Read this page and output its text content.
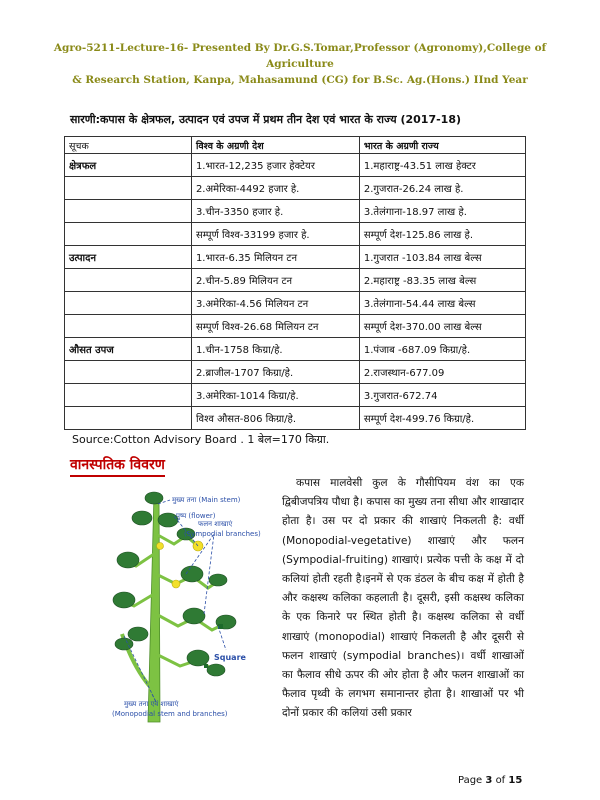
Agro-5211-Lecture-16- Presented By Dr.G.S.Tomar,Professor (Agronomy),College of Agriculture
& Research Station, Kanpa, Mahasamund (CG) for B.Sc. Ag.(Hons.) IInd Year
सारणी:कपास के क्षेत्रफल, उत्पादन एवं उपज में प्रथम तीन देश एवं भारत के राज्य (2017-18)
सूचक	विश्व के अग्रणी देश	भारत के अग्रणी राज्य
क्षेत्रफल	1.भारत-12,235 हजार हेक्टेयर	1.महाराष्ट्र-43.51 लाख हेक्टर
	2.अमेरिका-4492 हजार हे.	2.गुजरात-26.24 लाख हे.
	3.चीन-3350 हजार हे.	3.तेलंगाना-18.97 लाख हे.
	सम्पूर्ण विश्व-33199 हजार हे.	सम्पूर्ण देश-125.86 लाख हे.
उत्पादन	1.भारत-6.35 मिलियन टन	1.गुजरात -103.84 लाख बेल्स
	2.चीन-5.89 मिलियन टन	2.महाराष्ट्र -83.35 लाख बेल्स
	3.अमेरिका-4.56 मिलियन टन	3.तेलंगाना-54.44 लाख बेल्स
	सम्पूर्ण विश्व-26.68 मिलियन टन	सम्पूर्ण देश-370.00 लाख बेल्स
औसत उपज	1.चीन-1758 किग्रा/हे.	1.पंजाब -687.09 किग्रा/हे.
	2.ब्राजील-1707 किग्रा/हे.	2.राजस्थान-677.09
	3.अमेरिका-1014 किग्रा/हे.	3.गुजरात-672.74
	विश्व औसत-806 किग्रा/हे.	सम्पूर्ण देश-499.76 किग्रा/हे.
Source:Cotton Advisory Board . 1 बेल=170 किग्रा.
वानस्पतिक विवरण
मुख्य तना (Main stem)
पुष्प (flower)
फलन शाखाएं
(Sympodial branches)
Square
मुख्य तना एवं शाखाएं
(Monopodial stem and branches)

कपास मालवेसी कुल के गौसीपियम वंश का एक द्विबीजपत्रिय पौधा है। कपास का मुख्य तना सीधा और शाखादार होता है। उस पर दो प्रकार की शाखाएं निकलती है: वर्धी (Monopodial-vegetative) शाखाएं और फलन (Sympodial-fruiting) शाखाएं। प्रत्येक पत्ती के कक्ष में दो कलियां होती रहती है।इनमें से एक डंठल के बीच कक्ष में होती है और कक्षस्थ कलिका कहलाती है। दूसरी, इसी कक्षस्थ कलिका के एक किनारे पर स्थित होती है। कक्षस्थ कलिका से वर्धी शाखाएं (monopodial) शाखाएं निकलती है और दूसरी से फलन शाखाएं (sympodial branches)। वर्धी शाखाओं का फैलाव सीधे ऊपर की ओर होता है और फलन शाखाओं का फैलाव पृथ्वी के लगभग समानान्तर होता है। शाखाओं पर भी दोनों प्रकार की कलियां उसी प्रकार

Page 3 of 15
